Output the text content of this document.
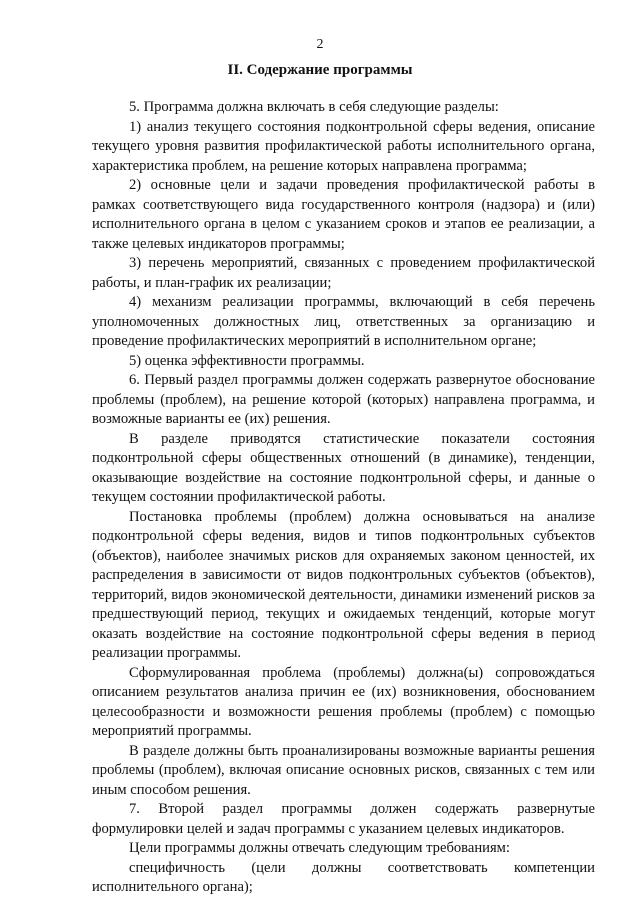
2
II. Содержание программы

5. Программа должна включать в себя следующие разделы:

1) анализ текущего состояния подконтрольной сферы ведения, описание текущего уровня развития профилактической работы исполнительного органа, характеристика проблем, на решение которых направлена программа;

2) основные цели и задачи проведения профилактической работы в рамках соответствующего вида государственного контроля (надзора) и (или) исполнительного органа в целом с указанием сроков и этапов ее реализации, а также целевых индикаторов программы;

3) перечень мероприятий, связанных с проведением профилактической работы, и план-график их реализации;

4) механизм реализации программы, включающий в себя перечень уполномоченных должностных лиц, ответственных за организацию и проведение профилактических мероприятий в исполнительном органе;

5) оценка эффективности программы.

6. Первый раздел программы должен содержать развернутое обоснование проблемы (проблем), на решение которой (которых) направлена программа, и возможные варианты ее (их) решения.

В разделе приводятся статистические показатели состояния подконтрольной сферы общественных отношений (в динамике), тенденции, оказывающие воздействие на состояние подконтрольной сферы, и данные о текущем состоянии профилактической работы.

Постановка проблемы (проблем) должна основываться на анализе подконтрольной сферы ведения, видов и типов подконтрольных субъектов (объектов), наиболее значимых рисков для охраняемых законом ценностей, их распределения в зависимости от видов подконтрольных субъектов (объектов), территорий, видов экономической деятельности, динамики изменений рисков за предшествующий период, текущих и ожидаемых тенденций, которые могут оказать воздействие на состояние подконтрольной сферы ведения в период реализации программы.

Сформулированная проблема (проблемы) должна(ы) сопровождаться описанием результатов анализа причин ее (их) возникновения, обоснованием целесообразности и возможности решения проблемы (проблем) с помощью мероприятий программы.

В разделе должны быть проанализированы возможные варианты решения проблемы (проблем), включая описание основных рисков, связанных с тем или иным способом решения.

7. Второй раздел программы должен содержать развернутые формулировки целей и задач программы с указанием целевых индикаторов.

Цели программы должны отвечать следующим требованиям:

специфичность (цели должны соответствовать компетенции исполнительного органа);
